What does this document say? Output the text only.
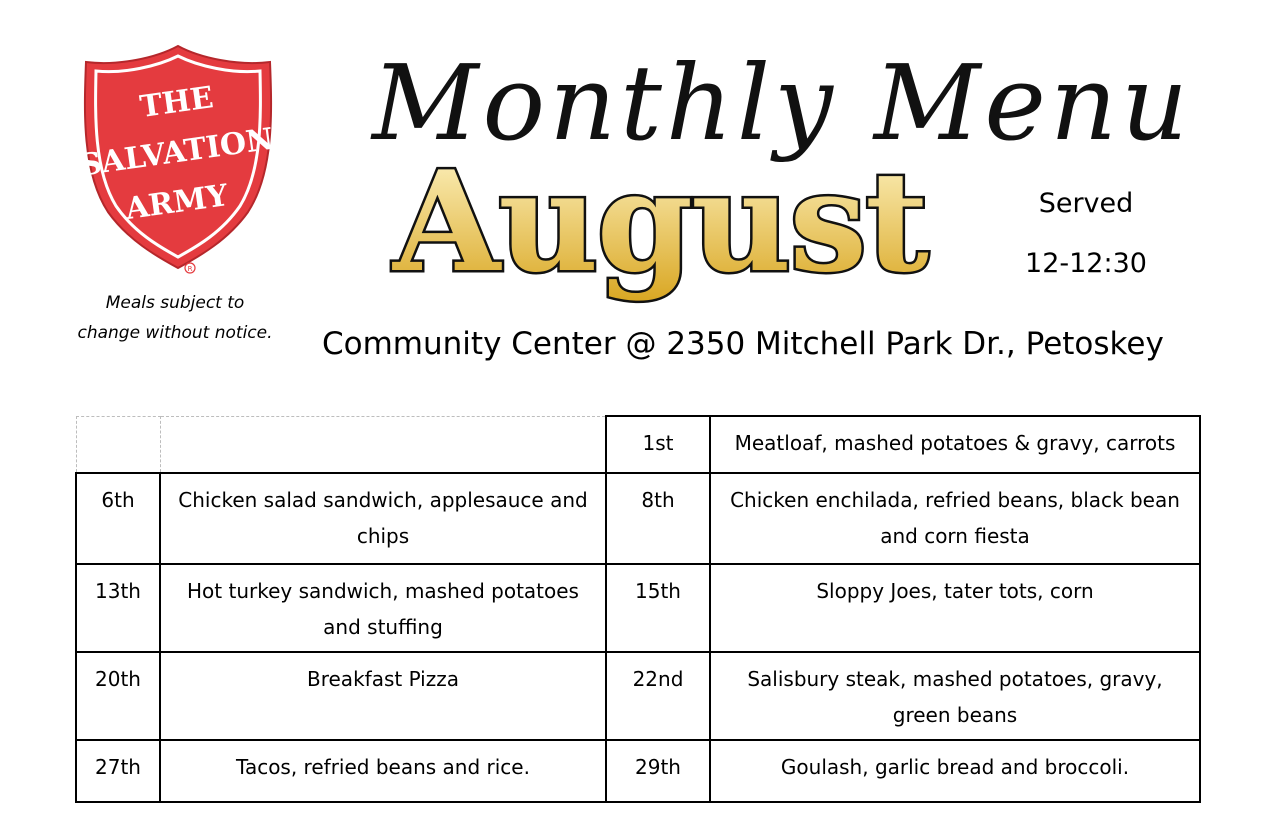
THE
SALVATION
ARMY
R
Meals subject to
change without notice.
Monthly Menu
August	Served
12-12:30
Community Center @ 2350 Mitchell Park Dr., Petoskey
		1st	Meatloaf, mashed potatoes & gravy, carrots
6th	Chicken salad sandwich, applesauce and chips	8th	Chicken enchilada, refried beans, black bean and corn fiesta
13th	Hot turkey sandwich, mashed potatoes and stuffing	15th	Sloppy Joes, tater tots, corn
20th	Breakfast Pizza	22nd	Salisbury steak, mashed potatoes, gravy, green beans
27th	Tacos, refried beans and rice.	29th	Goulash, garlic bread and broccoli.
